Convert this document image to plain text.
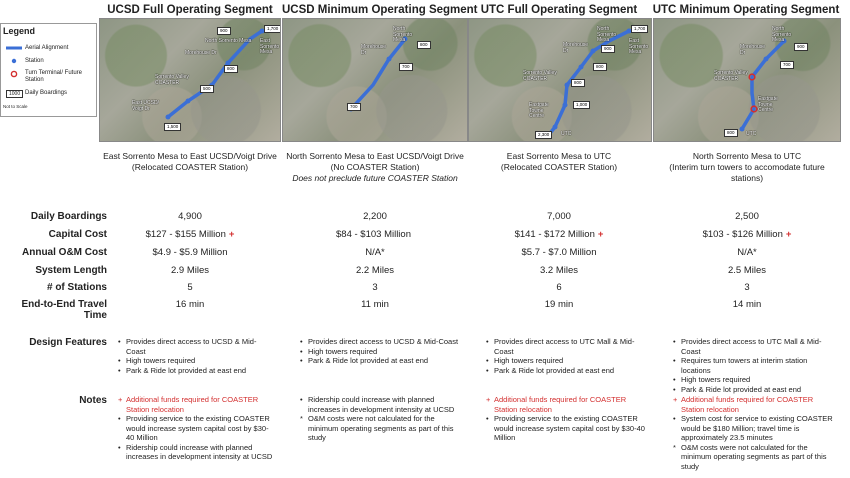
Legend
Aerial Alignment
Station
Turn Terminal/ Future Station
1000 Daily Boardings
Not to Scale
UCSD Full Operating Segment UCSD Minimum Operating Segment UTC Full Operating Segment	UTC Minimum Operating Segment
North Sorrento Mesa
Morehouse Dr
East Sorrento Mesa
Sorrento Valley COASTER
East UCSD/ Voigt Dr
900	1,700
800
500
1,500
North Sorrento Mesa
Morehouse Dr
800
700
700
North Sorrento Mesa
Morehouse Dr
East Sorrento Mesa
Sorrento Valley COASTER
Eastgate Towne Centre
UTC
1,700
900
800
800
1,000
2,300
North Sorrento Mesa
Morehouse Dr
Sorrento Valley COASTER
Eastgate Towne Centre
UTC
900
700
800
East Sorrento Mesa to East UCSD/Voigt Drive
(Relocated COASTER Station)
North Sorrento Mesa to East UCSD/Voigt Drive
(No COASTER Station)
Does not preclude future COASTER Station
East Sorrento Mesa to UTC
(Relocated COASTER Station)
North Sorrento Mesa to UTC
(Interim turn towers to accomodate future stations)
Daily Boardings
Capital Cost
Annual O&M Cost
System Length
# of Stations
End-to-End Travel Time
Design Features
Notes
4,900
$127 - $155 Million +
$4.9 - $5.9 Million
2.9 Miles
5
16 min
• Provides direct access to UCSD & Mid-Coast
• High towers required
• Park & Ride lot provided at east end
+ Additional funds required for COASTER Station relocation
• Providing service to the existing COASTER would increase system capital cost by $30-40 Million
• Ridership could increase with planned increases in development intensity at UCSD
2,200
$84 - $103 Million
N/A*
2.2 Miles
3
11 min
• Provides direct access to UCSD & Mid-Coast
• High towers required
• Park & Ride lot provided at east end
• Ridership could increase with planned increases in development intensity at UCSD
* O&M costs were not calculated for the minimum operating segments as part of this study
7,000
$141 - $172 Million +
$5.7 - $7.0 Million
3.2 Miles
6
19 min
• Provides direct access to UTC Mall & Mid-Coast
• High towers required
• Park & Ride lot provided at east end
+ Additional funds required for COASTER Station relocation
• Providing service to the existing COASTER would increase system capital cost by $30-40 Million
2,500
$103 - $126 Million +
N/A*
2.5 Miles
3
14 min
• Provides direct access to UTC Mall & Mid-Coast
• Requires turn towers at interim station locations
• High towers required
• Park & Ride lot provided at east end
+ Additional funds required for COASTER Station relocation
• System cost for service to existing COASTER would be $180 Million; travel time is approximately 23.5 minutes
* O&M costs were not calculated for the minimum operating segments as part of this study
